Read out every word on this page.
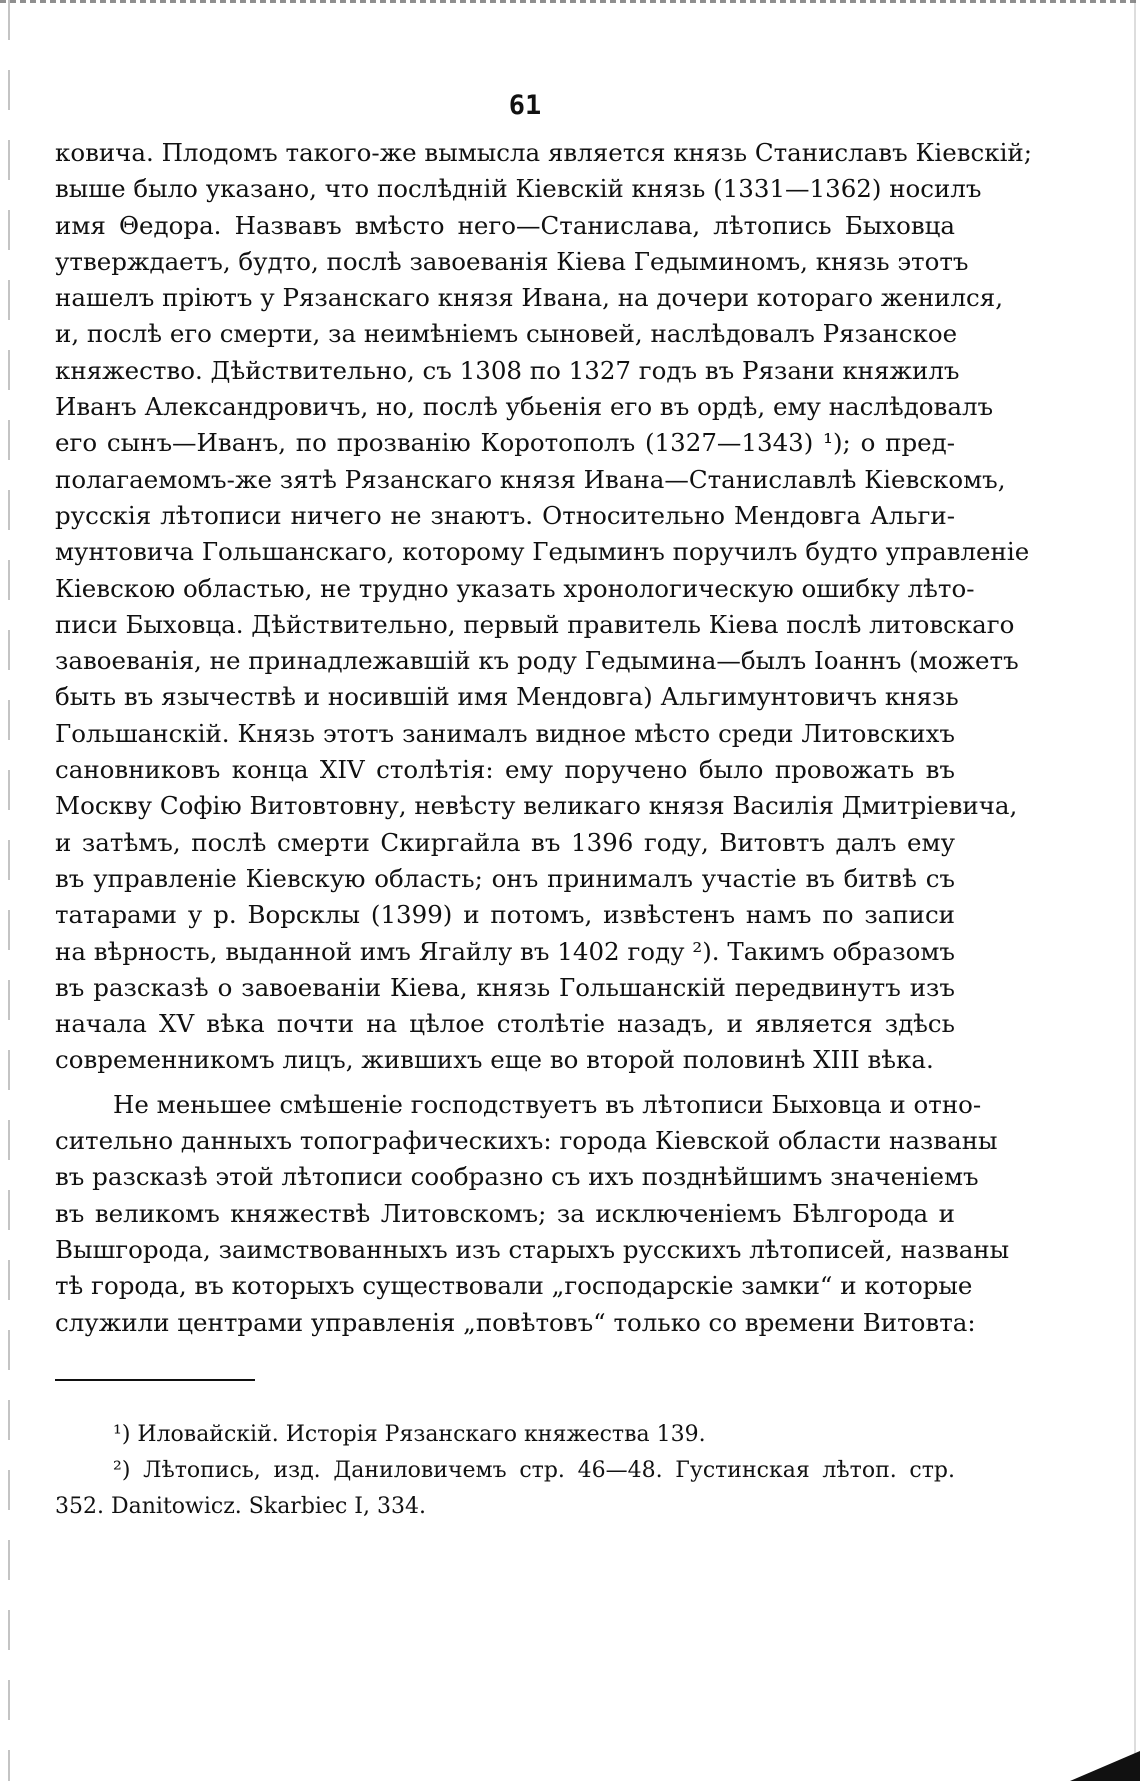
61
ковича. Плодомъ такого-же вымысла является князь Станиславъ Кіевскій;
выше было указано, что послѣдній Кіевскій князь (1331—1362) носилъ
имя Θедора. Назвавъ вмѣсто него—Станислава, лѣтопись Быховца
утверждаетъ, будто, послѣ завоеванія Кіева Гедыминомъ, князь этотъ
нашелъ пріютъ у Рязанскаго князя Ивана, на дочери котораго женился,
и, послѣ его смерти, за неимѣніемъ сыновей, наслѣдовалъ Рязанское
княжество. Дѣйствительно, съ 1308 по 1327 годъ въ Рязани княжилъ
Иванъ Александровичъ, но, послѣ убьенія его въ ордѣ, ему наслѣдовалъ
его сынъ—Иванъ, по прозванію Коротополъ (1327—1343) ¹); о пред-
полагаемомъ-же зятѣ Рязанскаго князя Ивана—Станиславлѣ Кіевскомъ,
русскія лѣтописи ничего не знаютъ. Относительно Мендовга Альги-
мунтовича Гольшанскаго, которому Гедыминъ поручилъ будто управленіе
Кіевскою областью, не трудно указать хронологическую ошибку лѣто-
писи Быховца. Дѣйствительно, первый правитель Кіева послѣ литовскаго
завоеванія, не принадлежавшій къ роду Гедымина—былъ Іоаннъ (можетъ
быть въ язычествѣ и носившій имя Мендовга) Альгимунтовичъ князь
Гольшанскій. Князь этотъ занималъ видное мѣсто среди Литовскихъ
сановниковъ конца XIV столѣтія: ему поручено было провожать въ
Москву Софію Витовтовну, невѣсту великаго князя Василія Дмитріевича,
и затѣмъ, послѣ смерти Скиргайла въ 1396 году, Витовтъ далъ ему
въ управленіе Кіевскую область; онъ принималъ участіе въ битвѣ съ
татарами у р. Ворсклы (1399) и потомъ, извѣстенъ намъ по записи
на вѣрность, выданной имъ Ягайлу въ 1402 году ²). Такимъ образомъ
въ разсказѣ о завоеваніи Кіева, князь Гольшанскій передвинутъ изъ
начала XV вѣка почти на цѣлое столѣтіе назадъ, и является здѣсь
современникомъ лицъ, жившихъ еще во второй половинѣ XIII вѣка.
Не меньшее смѣшеніе господствуетъ въ лѣтописи Быховца и отно-
сительно данныхъ топографическихъ: города Кіевской области названы
въ разсказѣ этой лѣтописи сообразно съ ихъ позднѣйшимъ значеніемъ
въ великомъ княжествѣ Литовскомъ; за исключеніемъ Бѣлгорода и
Вышгорода, заимствованныхъ изъ старыхъ русскихъ лѣтописей, названы
тѣ города, въ которыхъ существовали „господарскіе замки“ и которые
служили центрами управленія „повѣтовъ“ только со времени Витовта:
¹) Иловайскій. Исторія Рязанскаго княжества 139.
²) Лѣтопись, изд. Даниловичемъ стр. 46—48. Густинская лѣтоп. стр.
352. Danitowicz. Skarbiec I, 334.
